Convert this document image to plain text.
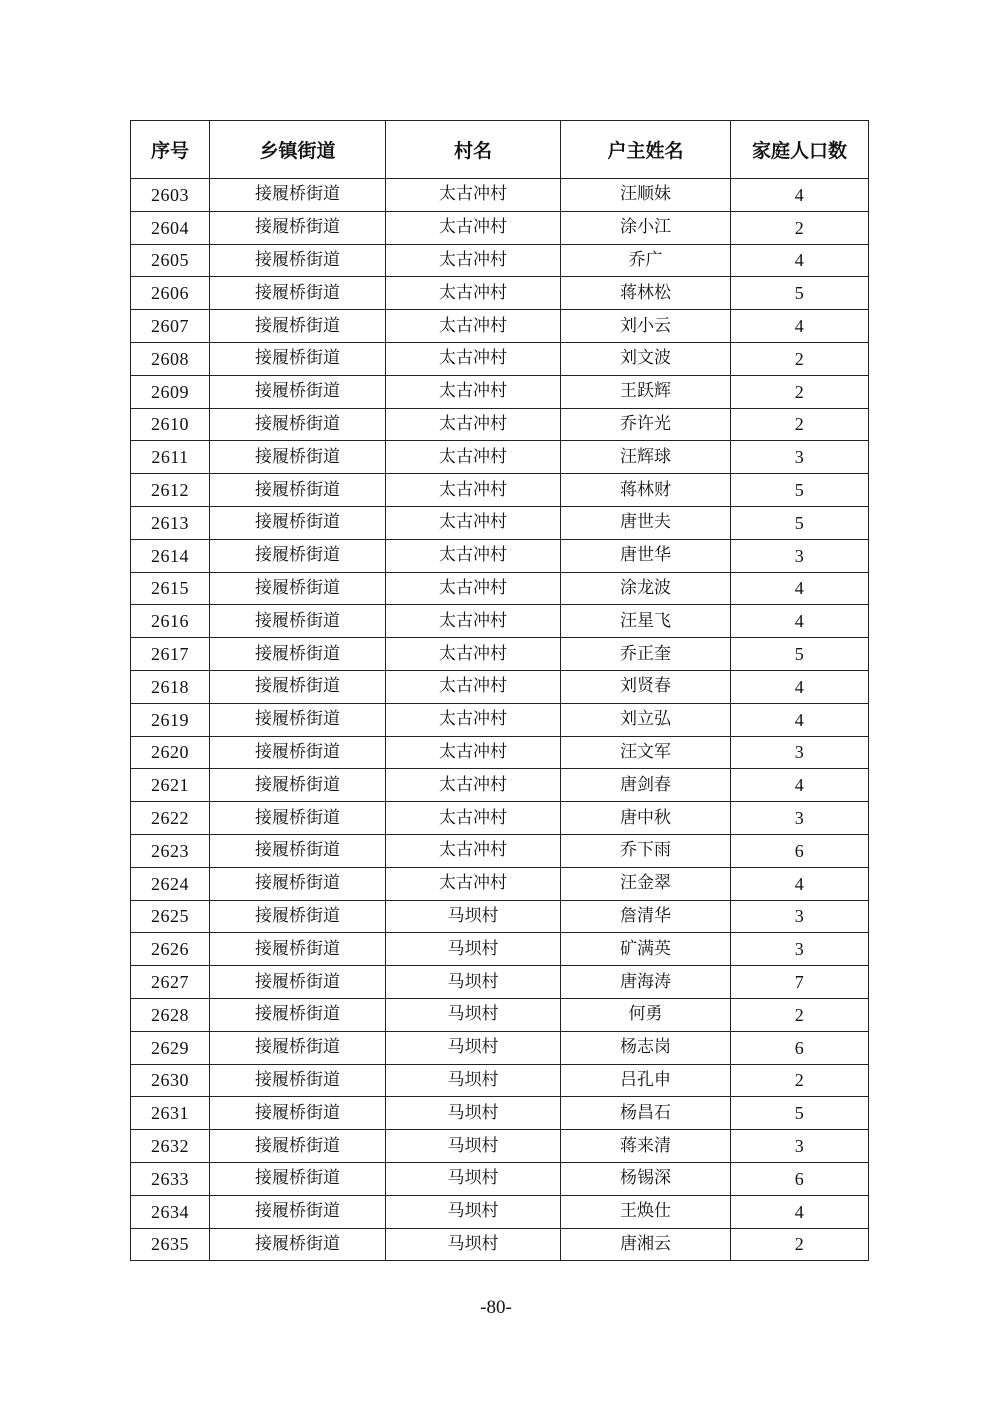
序号	乡镇街道	村名	户主姓名	家庭人口数
2603	接履桥街道	太古冲村	汪顺妹	4
2604	接履桥街道	太古冲村	涂小江	2
2605	接履桥街道	太古冲村	乔广	4
2606	接履桥街道	太古冲村	蒋林松	5
2607	接履桥街道	太古冲村	刘小云	4
2608	接履桥街道	太古冲村	刘文波	2
2609	接履桥街道	太古冲村	王跃辉	2
2610	接履桥街道	太古冲村	乔许光	2
2611	接履桥街道	太古冲村	汪辉球	3
2612	接履桥街道	太古冲村	蒋林财	5
2613	接履桥街道	太古冲村	唐世夫	5
2614	接履桥街道	太古冲村	唐世华	3
2615	接履桥街道	太古冲村	涂龙波	4
2616	接履桥街道	太古冲村	汪星飞	4
2617	接履桥街道	太古冲村	乔正奎	5
2618	接履桥街道	太古冲村	刘贤春	4
2619	接履桥街道	太古冲村	刘立弘	4
2620	接履桥街道	太古冲村	汪文军	3
2621	接履桥街道	太古冲村	唐剑春	4
2622	接履桥街道	太古冲村	唐中秋	3
2623	接履桥街道	太古冲村	乔下雨	6
2624	接履桥街道	太古冲村	汪金翠	4
2625	接履桥街道	马坝村	詹清华	3
2626	接履桥街道	马坝村	矿满英	3
2627	接履桥街道	马坝村	唐海涛	7
2628	接履桥街道	马坝村	何勇	2
2629	接履桥街道	马坝村	杨志岗	6
2630	接履桥街道	马坝村	吕孔申	2
2631	接履桥街道	马坝村	杨昌石	5
2632	接履桥街道	马坝村	蒋来清	3
2633	接履桥街道	马坝村	杨锡深	6
2634	接履桥街道	马坝村	王焕仕	4
2635	接履桥街道	马坝村	唐湘云	2
-80-
